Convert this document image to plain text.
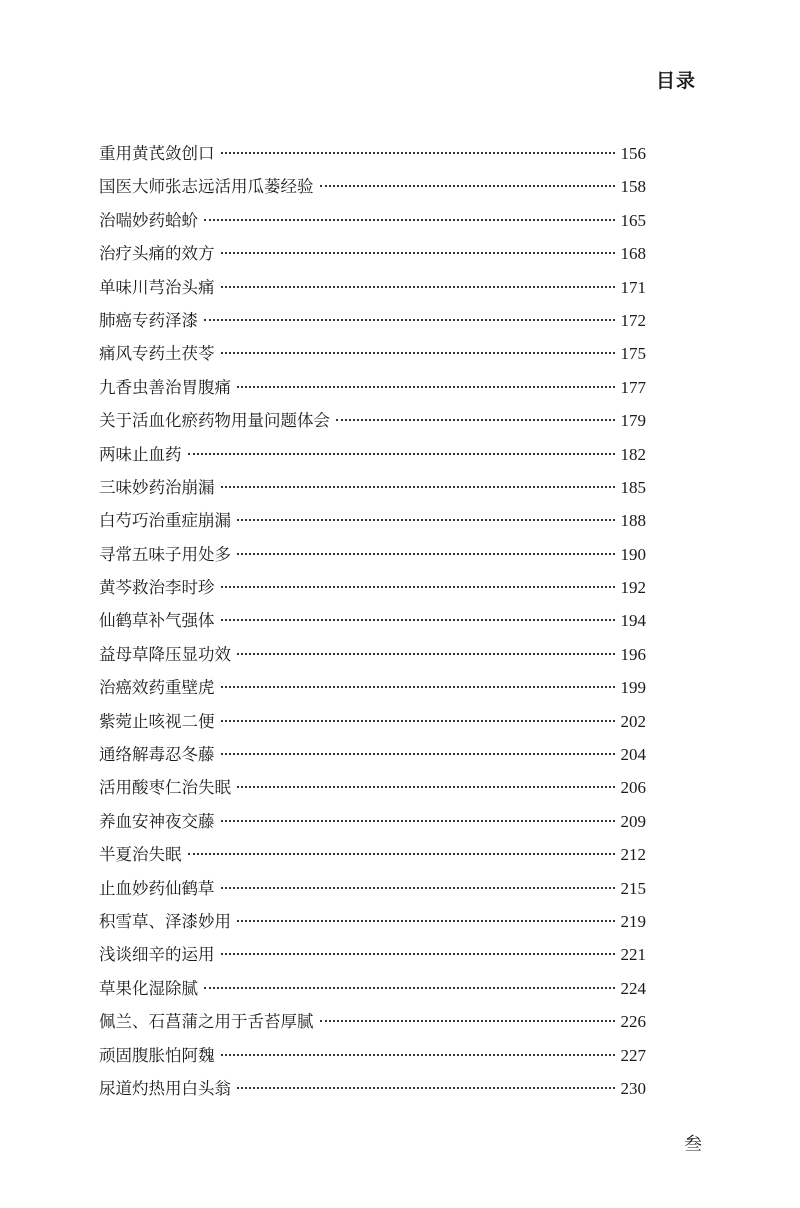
目录
重用黄芪敛创口	156
国医大师张志远活用瓜蒌经验	158
治喘妙药蛤蚧	165
治疗头痛的效方	168
单味川芎治头痛	171
肺癌专药泽漆	172
痛风专药土茯苓	175
九香虫善治胃腹痛	177
关于活血化瘀药物用量问题体会	179
两味止血药	182
三味妙药治崩漏	185
白芍巧治重症崩漏	188
寻常五味子用处多	190
黄芩救治李时珍	192
仙鹤草补气强体	194
益母草降压显功效	196
治癌效药重壁虎	199
紫菀止咳视二便	202
通络解毒忍冬藤	204
活用酸枣仁治失眠	206
养血安神夜交藤	209
半夏治失眠	212
止血妙药仙鹤草	215
积雪草、泽漆妙用	219
浅谈细辛的运用	221
草果化湿除腻	224
佩兰、石菖蒲之用于舌苔厚腻	226
顽固腹胀怕阿魏	227
尿道灼热用白头翁	230
叁
